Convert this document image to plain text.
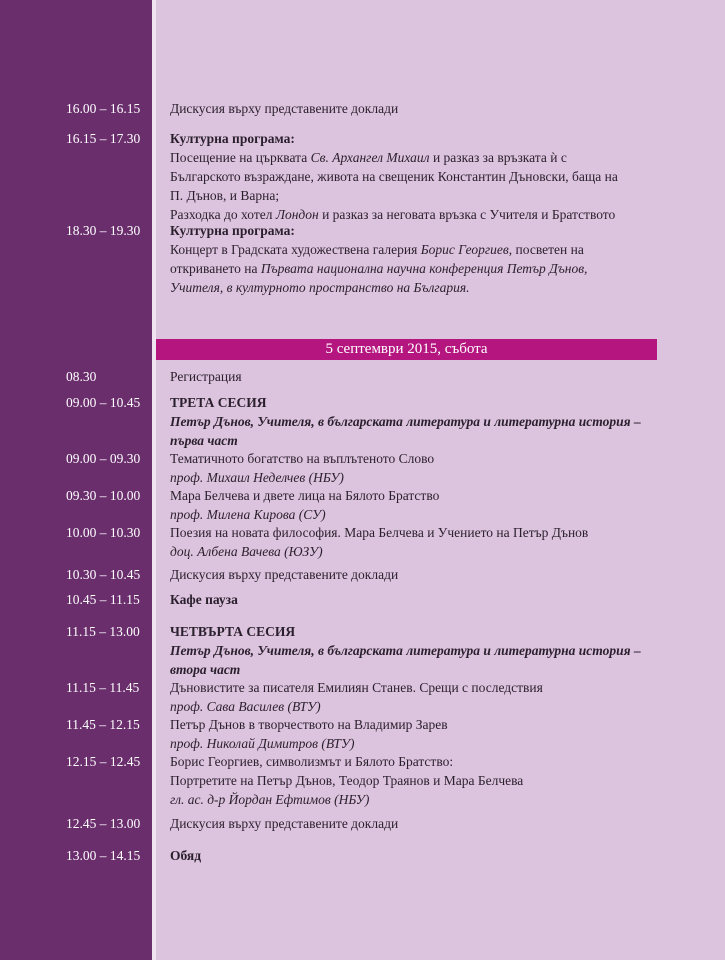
5 септември 2015, събота
16.00 – 16.15	Дискусия върху представените доклади
16.15 – 17.30	Културна програма:
Посещение на църквата Св. Архангел Михаил и разказ за връзката ѝ с
Българското възраждане, живота на свещеник Константин Дъновски, баща на
П. Дънов, и Варна;
Разходка до хотел Лондон и разказ за неговата връзка с Учителя и Братството
18.30 – 19.30	Културна програма:
Концерт в Градската художествена галерия Борис Георгиев, посветен на
откриването на Първата национална научна конференция Петър Дънов,
Учителя, в културното пространство на България.
08.30	Регистрация
09.00 – 10.45	ТРЕТА СЕСИЯ
Петър Дънов, Учителя, в българската литература и литературна история –
първа част
09.00 – 09.30	Тематичното богатство на въплътеното Слово
проф. Михаил Неделчев (НБУ)
09.30 – 10.00	Мара Белчева и двете лица на Бялото Братство
проф. Милена Кирова (СУ)
10.00 – 10.30	Поезия на новата философия. Мара Белчева и Учението на Петър Дънов
доц. Албена Вачева (ЮЗУ)
10.30 – 10.45	Дискусия върху представените доклади
10.45 – 11.15	Кафе пауза
11.15 – 13.00	ЧЕТВЪРТА СЕСИЯ
Петър Дънов, Учителя, в българската литература и литературна история –
втора част
11.15 – 11.45	Дъновистите за писателя Емилиян Станев. Срещи с последствия
проф. Сава Василев (ВТУ)
11.45 – 12.15	Петър Дънов в творчеството на Владимир Зарев
проф. Николай Димитров (ВТУ)
12.15 – 12.45	Борис Георгиев, символизмът и Бялото Братство:
Портретите на Петър Дънов, Теодор Траянов и Мара Белчева
гл. ас. д-р Йордан Ефтимов (НБУ)
12.45 – 13.00	Дискусия върху представените доклади
13.00 – 14.15	Обяд
